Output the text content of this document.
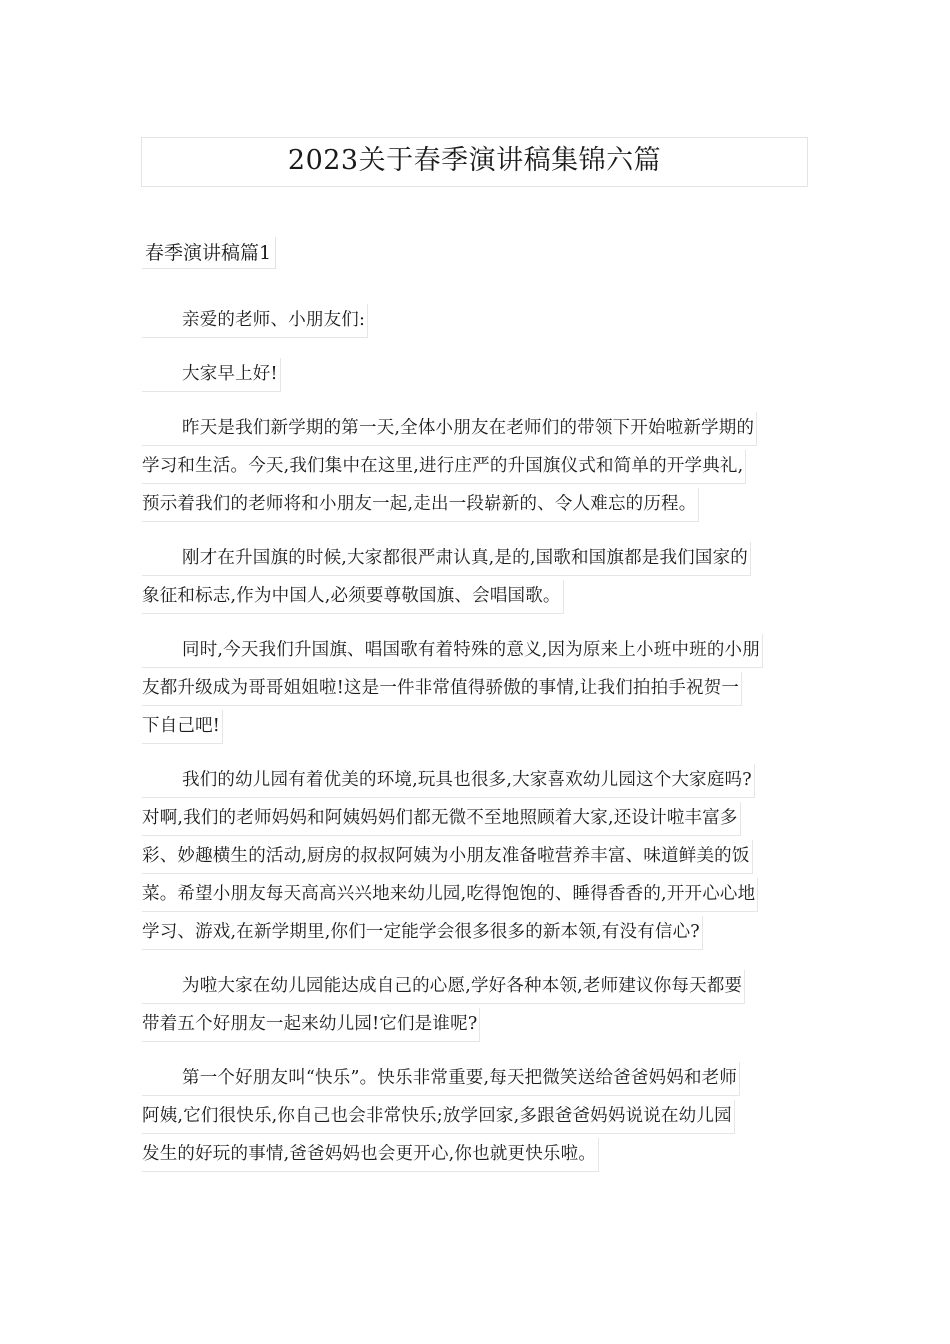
2023关于春季演讲稿集锦六篇
春季演讲稿篇1
亲爱的老师、小朋友们:
大家早上好!
昨天是我们新学期的第一天,全体小朋友在老师们的带领下开始啦新学期的
学习和生活。今天,我们集中在这里,进行庄严的升国旗仪式和简单的开学典礼,
预示着我们的老师将和小朋友一起,走出一段崭新的、令人难忘的历程。
刚才在升国旗的时候,大家都很严肃认真,是的,国歌和国旗都是我们国家的
象征和标志,作为中国人,必须要尊敬国旗、会唱国歌。
同时,今天我们升国旗、唱国歌有着特殊的意义,因为原来上小班中班的小朋
友都升级成为哥哥姐姐啦!这是一件非常值得骄傲的事情,让我们拍拍手祝贺一
下自己吧!
我们的幼儿园有着优美的环境,玩具也很多,大家喜欢幼儿园这个大家庭吗?
对啊,我们的老师妈妈和阿姨妈妈们都无微不至地照顾着大家,还设计啦丰富多
彩、妙趣横生的活动,厨房的叔叔阿姨为小朋友准备啦营养丰富、味道鲜美的饭
菜。希望小朋友每天高高兴兴地来幼儿园,吃得饱饱的、睡得香香的,开开心心地
学习、游戏,在新学期里,你们一定能学会很多很多的新本领,有没有信心?
为啦大家在幼儿园能达成自己的心愿,学好各种本领,老师建议你每天都要
带着五个好朋友一起来幼儿园!它们是谁呢?
第一个好朋友叫“快乐”。快乐非常重要,每天把微笑送给爸爸妈妈和老师
阿姨,它们很快乐,你自己也会非常快乐;放学回家,多跟爸爸妈妈说说在幼儿园
发生的好玩的事情,爸爸妈妈也会更开心,你也就更快乐啦。
